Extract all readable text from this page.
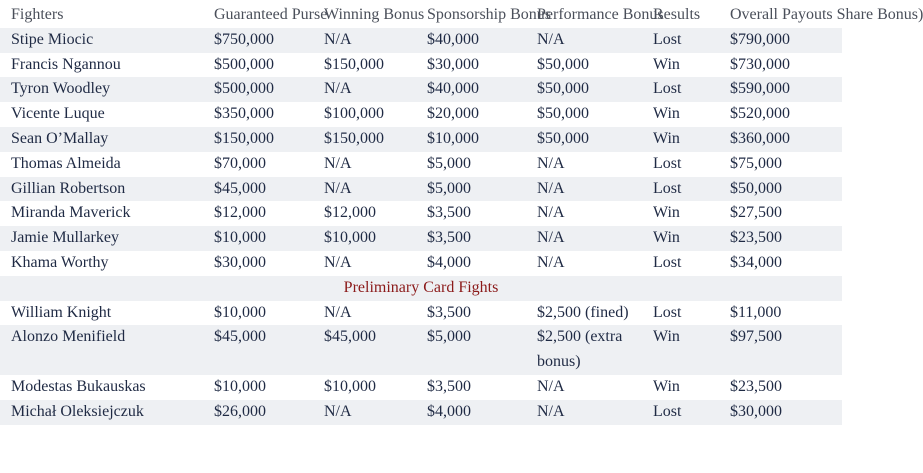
Fighters	Guaranteed Purse	Winning Bonus	Sponsorship Bonus	Performance Bonus	Results	Overall Payouts Share Bonus)
Stipe Miocic	$750,000	N/A	$40,000	N/A	Lost	$790,000
Francis Ngannou	$500,000	$150,000	$30,000	$50,000	Win	$730,000
Tyron Woodley	$500,000	N/A	$40,000	$50,000	Lost	$590,000
Vicente Luque	$350,000	$100,000	$20,000	$50,000	Win	$520,000
Sean O’Mallay	$150,000	$150,000	$10,000	$50,000	Win	$360,000
Thomas Almeida	$70,000	N/A	$5,000	N/A	Lost	$75,000
Gillian Robertson	$45,000	N/A	$5,000	N/A	Lost	$50,000
Miranda Maverick	$12,000	$12,000	$3,500	N/A	Win	$27,500
Jamie Mullarkey	$10,000	$10,000	$3,500	N/A	Win	$23,500
Khama Worthy	$30,000	N/A	$4,000	N/A	Lost	$34,000
Preliminary Card Fights						
William Knight	$10,000	N/A	$3,500	$2,500 (fined)	Lost	$11,000
Alonzo Menifield	$45,000	$45,000	$5,000	$2,500 (extra bonus)	Win	$97,500
Modestas Bukauskas	$10,000	$10,000	$3,500	N/A	Win	$23,500
Michał Oleksiejczuk	$26,000	N/A	$4,000	N/A	Lost	$30,000
